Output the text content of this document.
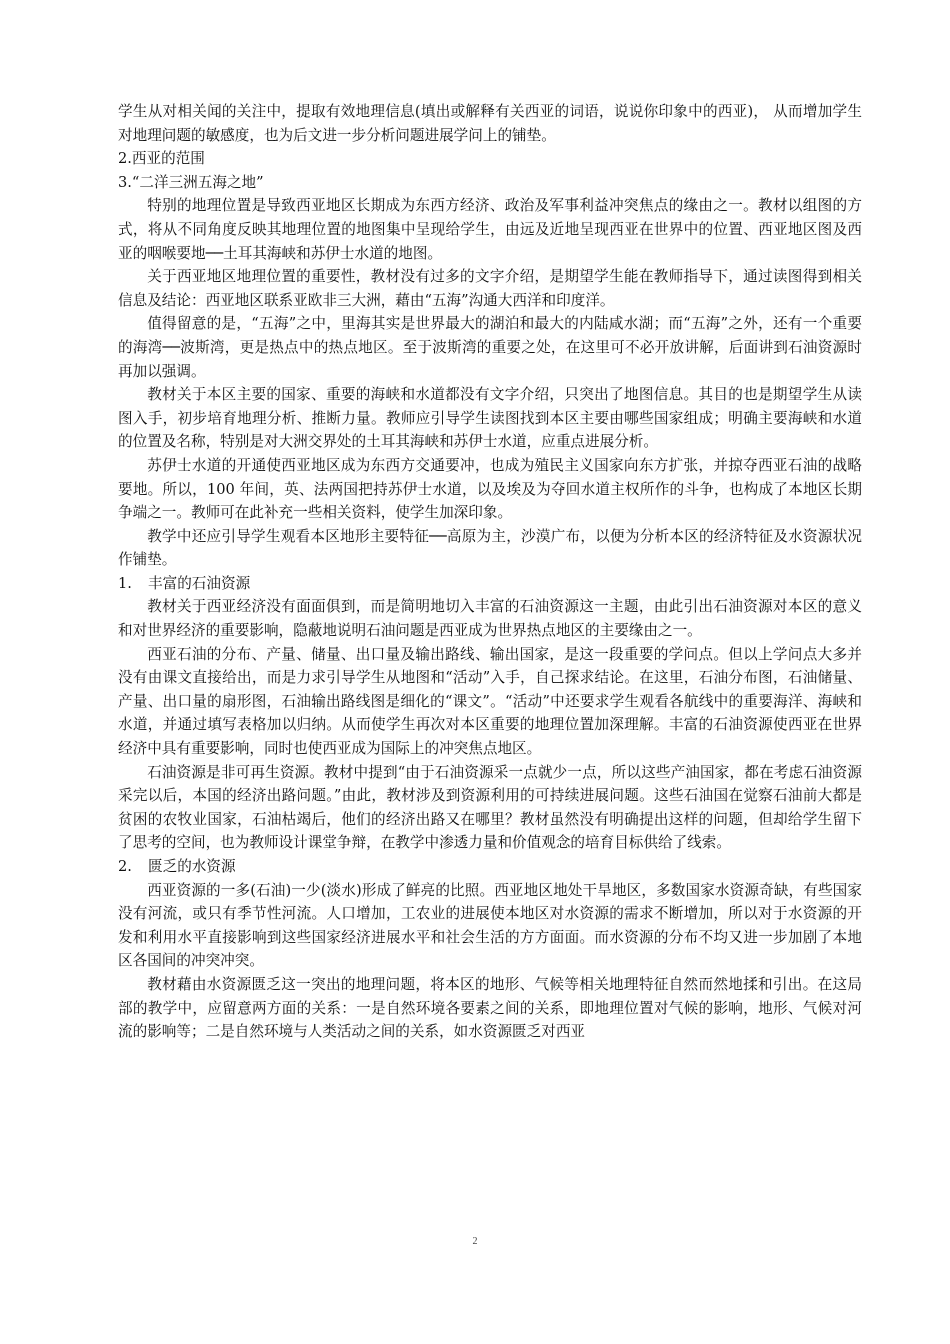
学生从对相关闻的关注中，提取有效地理信息(填出或解释有关西亚的词语，说说你印象中的西亚)， 从而增加学生对地理问题的敏感度，也为后文进一步分析问题进展学问上的铺垫。

2.西亚的范围

3.“二洋三洲五海之地”

特别的地理位置是导致西亚地区长期成为东西方经济、政治及军事利益冲突焦点的缘由之一。教材以组图的方式，将从不同角度反映其地理位置的地图集中呈现给学生，由远及近地呈现西亚在世界中的位置、西亚地区图及西亚的咽喉要地──土耳其海峡和苏伊士水道的地图。

关于西亚地区地理位置的重要性，教材没有过多的文字介绍，是期望学生能在教师指导下，通过读图得到相关信息及结论：西亚地区联系亚欧非三大洲，藉由“五海”沟通大西洋和印度洋。

值得留意的是，“五海”之中，里海其实是世界最大的湖泊和最大的内陆咸水湖；而“五海”之外，还有一个重要的海湾──波斯湾，更是热点中的热点地区。至于波斯湾的重要之处，在这里可不必开放讲解，后面讲到石油资源时再加以强调。

教材关于本区主要的国家、重要的海峡和水道都没有文字介绍，只突出了地图信息。其目的也是期望学生从读图入手，初步培育地理分析、推断力量。教师应引导学生读图找到本区主要由哪些国家组成；明确主要海峡和水道的位置及名称，特别是对大洲交界处的土耳其海峡和苏伊士水道，应重点进展分析。

苏伊士水道的开通使西亚地区成为东西方交通要冲，也成为殖民主义国家向东方扩张，并掠夺西亚石油的战略要地。所以，100 年间，英、法两国把持苏伊士水道，以及埃及为夺回水道主权所作的斗争，也构成了本地区长期争端之一。教师可在此补充一些相关资料，使学生加深印象。

教学中还应引导学生观看本区地形主要特征──高原为主，沙漠广布，以便为分析本区的经济特征及水资源状况作铺垫。

1. 丰富的石油资源

教材关于西亚经济没有面面俱到，而是简明地切入丰富的石油资源这一主题，由此引出石油资源对本区的意义和对世界经济的重要影响，隐蔽地说明石油问题是西亚成为世界热点地区的主要缘由之一。

西亚石油的分布、产量、储量、出口量及输出路线、输出国家，是这一段重要的学问点。但以上学问点大多并没有由课文直接给出，而是力求引导学生从地图和“活动”入手，自己探求结论。在这里，石油分布图，石油储量、产量、出口量的扇形图，石油输出路线图是细化的“课文”。“活动”中还要求学生观看各航线中的重要海洋、海峡和水道，并通过填写表格加以归纳。从而使学生再次对本区重要的地理位置加深理解。丰富的石油资源使西亚在世界经济中具有重要影响，同时也使西亚成为国际上的冲突焦点地区。

石油资源是非可再生资源。教材中提到“由于石油资源采一点就少一点，所以这些产油国家，都在考虑石油资源采完以后，本国的经济出路问题。”由此，教材涉及到资源利用的可持续进展问题。这些石油国在觉察石油前大都是贫困的农牧业国家，石油枯竭后，他们的经济出路又在哪里？教材虽然没有明确提出这样的问题，但却给学生留下了思考的空间，也为教师设计课堂争辩，在教学中渗透力量和价值观念的培育目标供给了线索。

2. 匮乏的水资源

西亚资源的一多(石油)一少(淡水)形成了鲜亮的比照。西亚地区地处干旱地区，多数国家水资源奇缺，有些国家没有河流，或只有季节性河流。人口增加，工农业的进展使本地区对水资源的需求不断增加，所以对于水资源的开发和利用水平直接影响到这些国家经济进展水平和社会生活的方方面面。而水资源的分布不均又进一步加剧了本地区各国间的冲突冲突。

教材藉由水资源匮乏这一突出的地理问题，将本区的地形、气候等相关地理特征自然而然地揉和引出。在这局部的教学中，应留意两方面的关系：一是自然环境各要素之间的关系，即地理位置对气候的影响，地形、气候对河流的影响等；二是自然环境与人类活动之间的关系，如水资源匮乏对西亚

2
